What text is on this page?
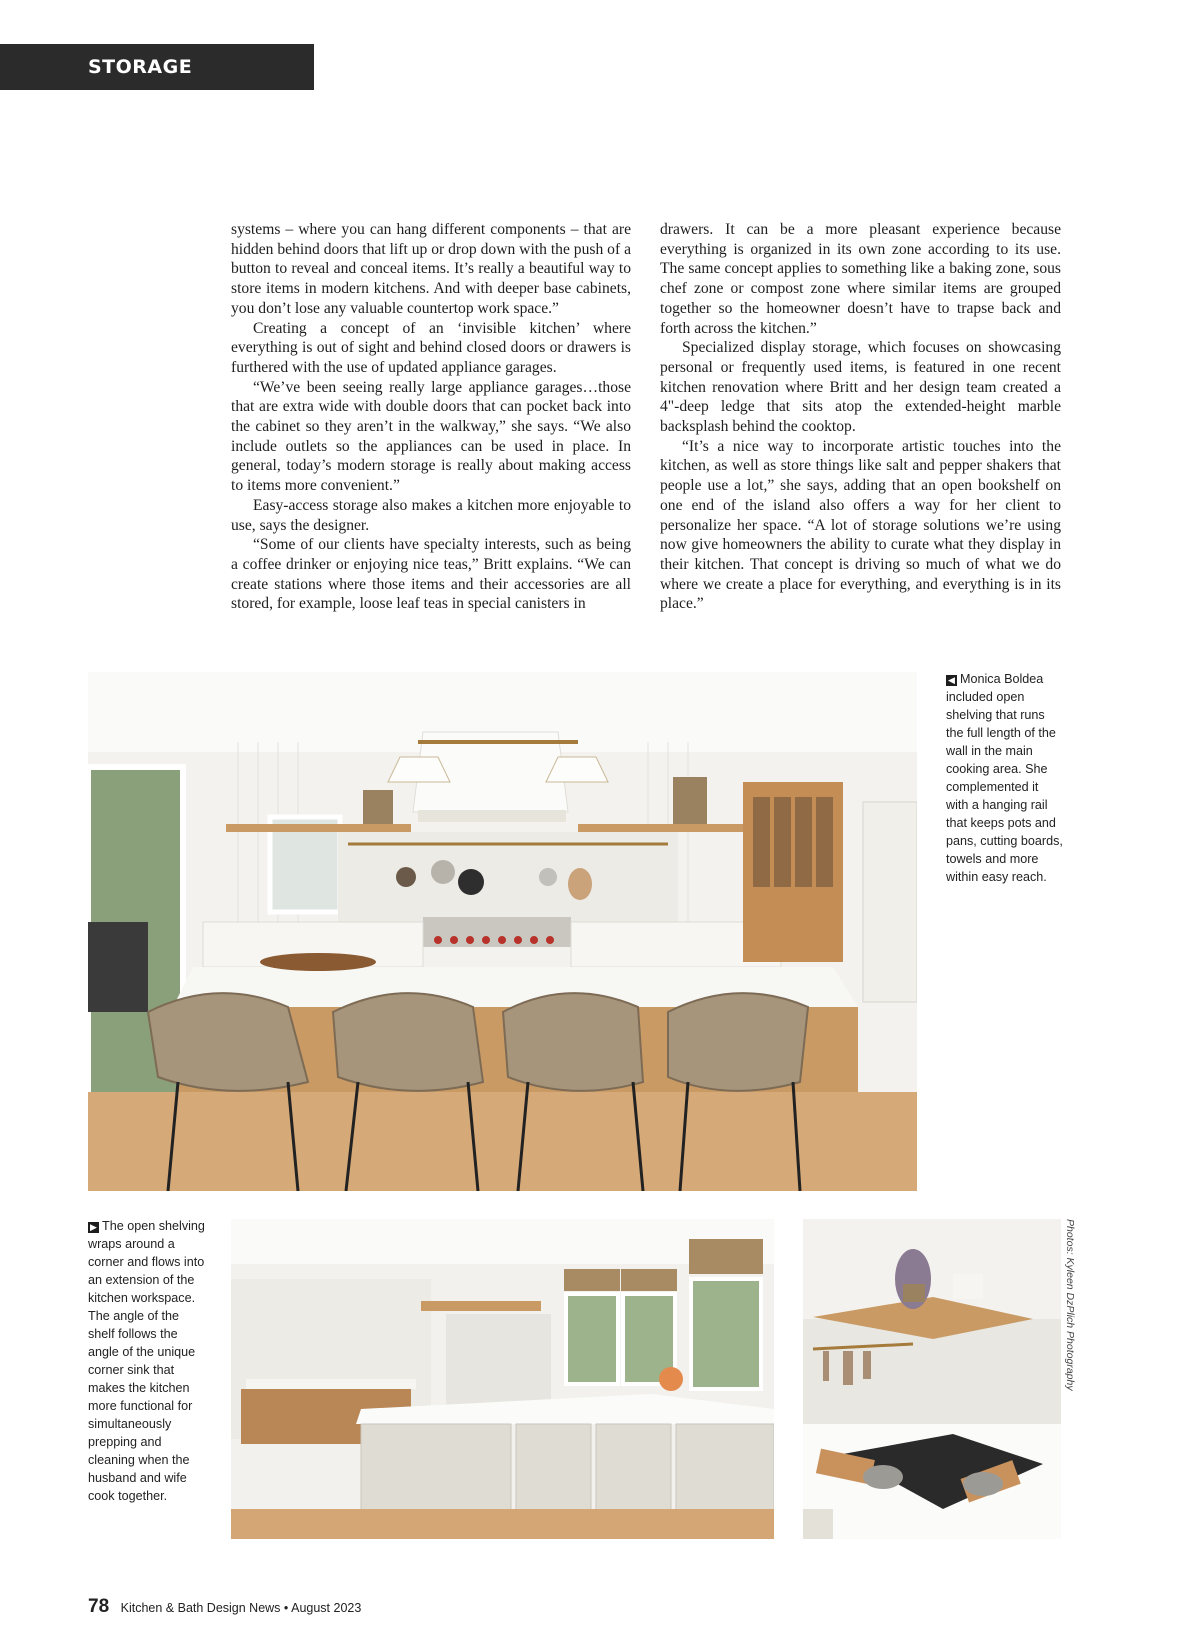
STORAGE SOLUTIONS

systems – where you can hang different components – that are hidden behind doors that lift up or drop down with the push of a button to reveal and conceal items. It’s really a beautiful way to store items in modern kitchens. And with deeper base cabinets, you don’t lose any valuable countertop work space.”

Creating a concept of an ‘invisible kitchen’ where everything is out of sight and behind closed doors or drawers is furthered with the use of updated appliance garages.

“We’ve been seeing really large appliance garages…those that are extra wide with double doors that can pocket back into the cabinet so they aren’t in the walkway,” she says. “We also include outlets so the appliances can be used in place. In general, today’s modern storage is really about making access to items more convenient.”

Easy-access storage also makes a kitchen more enjoyable to use, says the designer.

“Some of our clients have specialty interests, such as being a coffee drinker or enjoying nice teas,” Britt explains. “We can create stations where those items and their accessories are all stored, for example, loose leaf teas in special canisters in

drawers. It can be a more pleasant experience because everything is organized in its own zone according to its use. The same concept applies to something like a baking zone, sous chef zone or compost zone where similar items are grouped together so the homeowner doesn’t have to trapse back and forth across the kitchen.”

Specialized display storage, which focuses on showcasing personal or frequently used items, is featured in one recent kitchen renovation where Britt and her design team created a 4"-deep ledge that sits atop the extended-height marble backsplash behind the cooktop.

“It’s a nice way to incorporate artistic touches into the kitchen, as well as store things like salt and pepper shakers that people use a lot,” she says, adding that an open bookshelf on one end of the island also offers a way for her client to personalize her space. “A lot of storage solutions we’re using now give homeowners the ability to curate what they display in their kitchen. That concept is driving so much of what we do where we create a place for everything, and everything is in its place.”

◀ Monica Boldea included open shelving that runs the full length of the wall in the main cooking area. She complemented it with a hanging rail that keeps pots and pans, cutting boards, towels and more within easy reach.
▶ The open shelving wraps around a corner and flows into an extension of the kitchen workspace. The angle of the shelf follows the angle of the unique corner sink that makes the kitchen more functional for simultaneously prepping and cleaning when the husband and wife cook together.
Photos: Kyleen DzPlich Photography
78 Kitchen & Bath Design News • August 2023
